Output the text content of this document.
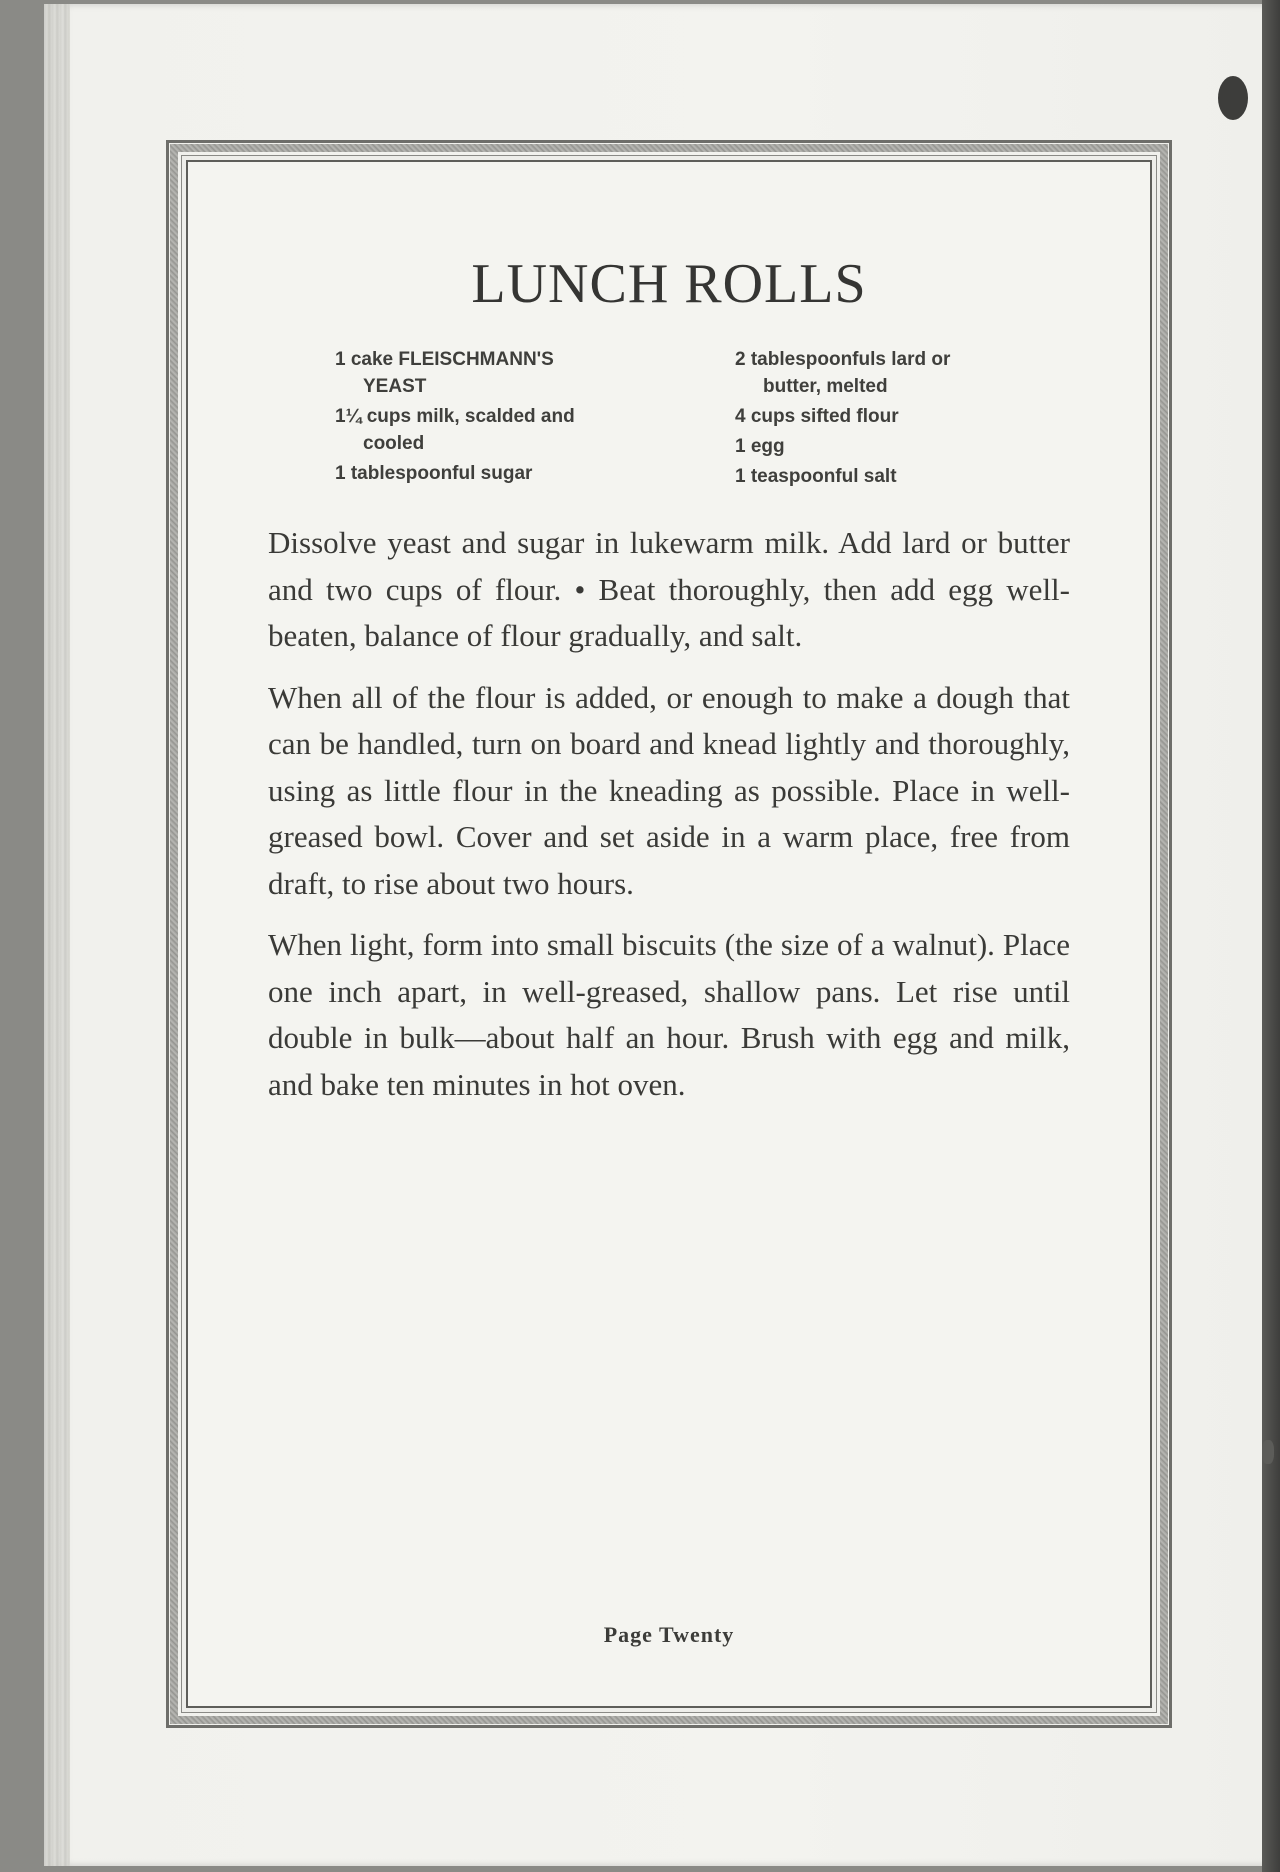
LUNCH ROLLS
1 cake FLEISCHMANN'S
YEAST
1¼ cups milk, scalded and
cooled
1 tablespoonful sugar
2 tablespoonfuls lard or
butter, melted
4 cups sifted flour
1 egg
1 teaspoonful salt

Dissolve yeast and sugar in lukewarm milk. Add lard or butter and two cups of flour. • Beat thoroughly, then add egg well-beaten, balance of flour gradually, and salt.

When all of the flour is added, or enough to make a dough that can be handled, turn on board and knead lightly and thoroughly, using as little flour in the kneading as possible. Place in well-greased bowl. Cover and set aside in a warm place, free from draft, to rise about two hours.

When light, form into small biscuits (the size of a walnut). Place one inch apart, in well-greased, shallow pans. Let rise until double in bulk—about half an hour. Brush with egg and milk, and bake ten minutes in hot oven.

Page Twenty
